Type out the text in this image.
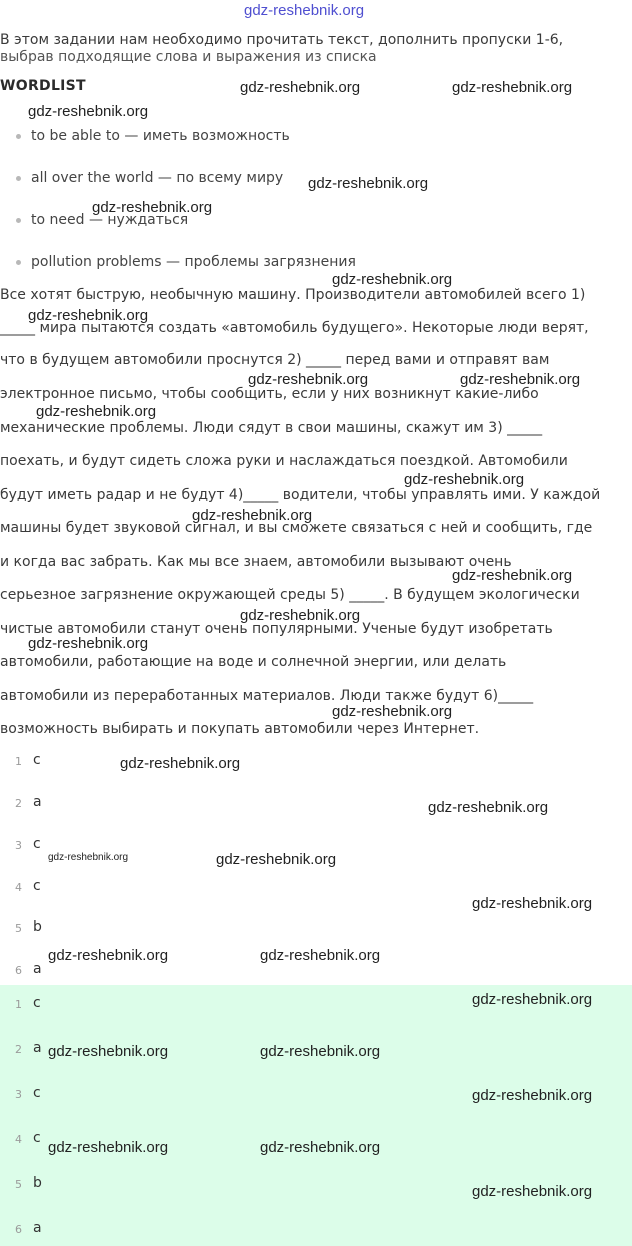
gdz-reshebnik.org
В этом задании нам необходимо прочитать текст, дополнить пропуски 1-6,
выбрав подходящие слова и выражения из списка
WORDLIST
to be able to — иметь возможность
all over the world — по всему миру
to need — нуждаться
pollution problems — проблемы загрязнения
Все хотят быструю, необычную машину. Производители автомобилей всего 1)
_____ мира пытаются создать «автомобиль будущего». Некоторые люди верят,
что в будущем автомобили проснутся 2) _____ перед вами и отправят вам
электронное письмо, чтобы сообщить, если у них возникнут какие-либо
механические проблемы. Люди сядут в свои машины, скажут им 3) _____
поехать, и будут сидеть сложа руки и наслаждаться поездкой. Автомобили
будут иметь радар и не будут 4)_____ водители, чтобы управлять ими. У каждой
машины будет звуковой сигнал, и вы сможете связаться с ней и сообщить, где
и когда вас забрать. Как мы все знаем, автомобили вызывают очень
серьезное загрязнение окружающей среды 5) _____. В будущем экологически
чистые автомобили станут очень популярными. Ученые будут изобретать
автомобили, работающие на воде и солнечной энергии, или делать
автомобили из переработанных материалов. Люди также будут 6)_____
возможность выбирать и покупать автомобили через Интернет.
1 c
2 a
3 c
4 c
5 b
6 a
1 c
2 a
3 c
4 c
5 b
6 a
gdz-reshebnik.org	gdz-reshebnik.org
gdz-reshebnik.org
gdz-reshebnik.org
gdz-reshebnik.org
gdz-reshebnik.org
gdz-reshebnik.org
gdz-reshebnik.org	gdz-reshebnik.org
gdz-reshebnik.org
gdz-reshebnik.org
gdz-reshebnik.org
gdz-reshebnik.org
gdz-reshebnik.org
gdz-reshebnik.org
gdz-reshebnik.org
gdz-reshebnik.org
gdz-reshebnik.org
gdz-reshebnik.org	gdz-reshebnik.org
gdz-reshebnik.org
gdz-reshebnik.org	gdz-reshebnik.org
gdz-reshebnik.org
gdz-reshebnik.org	gdz-reshebnik.org
gdz-reshebnik.org
gdz-reshebnik.org	gdz-reshebnik.org
gdz-reshebnik.org
